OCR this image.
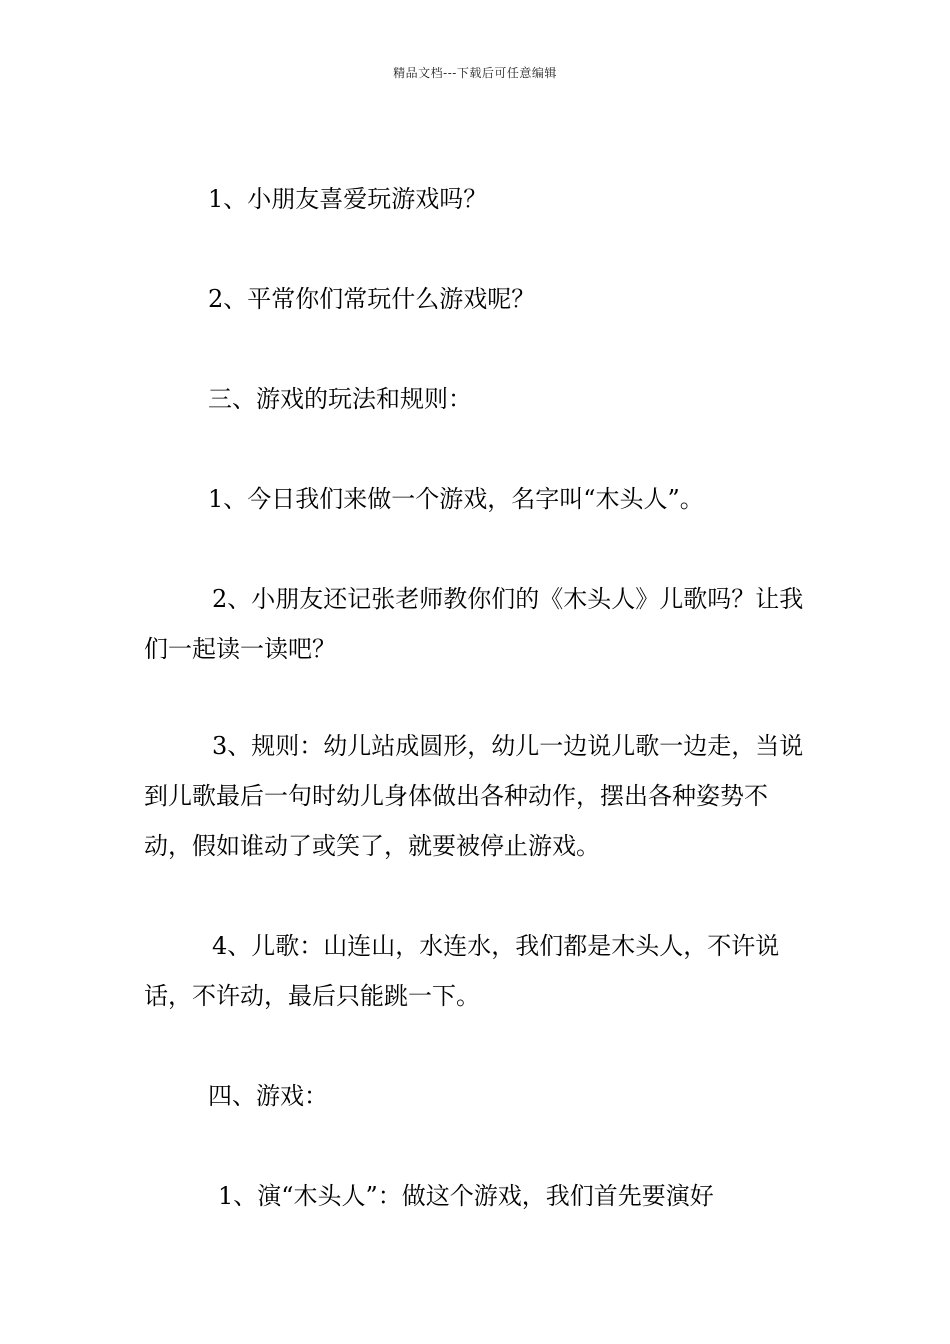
精品文档---下载后可任意编辑

1、小朋友喜爱玩游戏吗？

2、平常你们常玩什么游戏呢？

三、游戏的玩法和规则：

1、今日我们来做一个游戏，名字叫“木头人”。

2、小朋友还记张老师教你们的《木头人》儿歌吗？让我们一起读一读吧？

3、规则：幼儿站成圆形，幼儿一边说儿歌一边走，当说到儿歌最后一句时幼儿身体做出各种动作，摆出各种姿势不动，假如谁动了或笑了，就要被停止游戏。

4、儿歌：山连山，水连水，我们都是木头人，不许说话，不许动，最后只能跳一下。

四、游戏：

1、演“木头人”：做这个游戏，我们首先要演好
